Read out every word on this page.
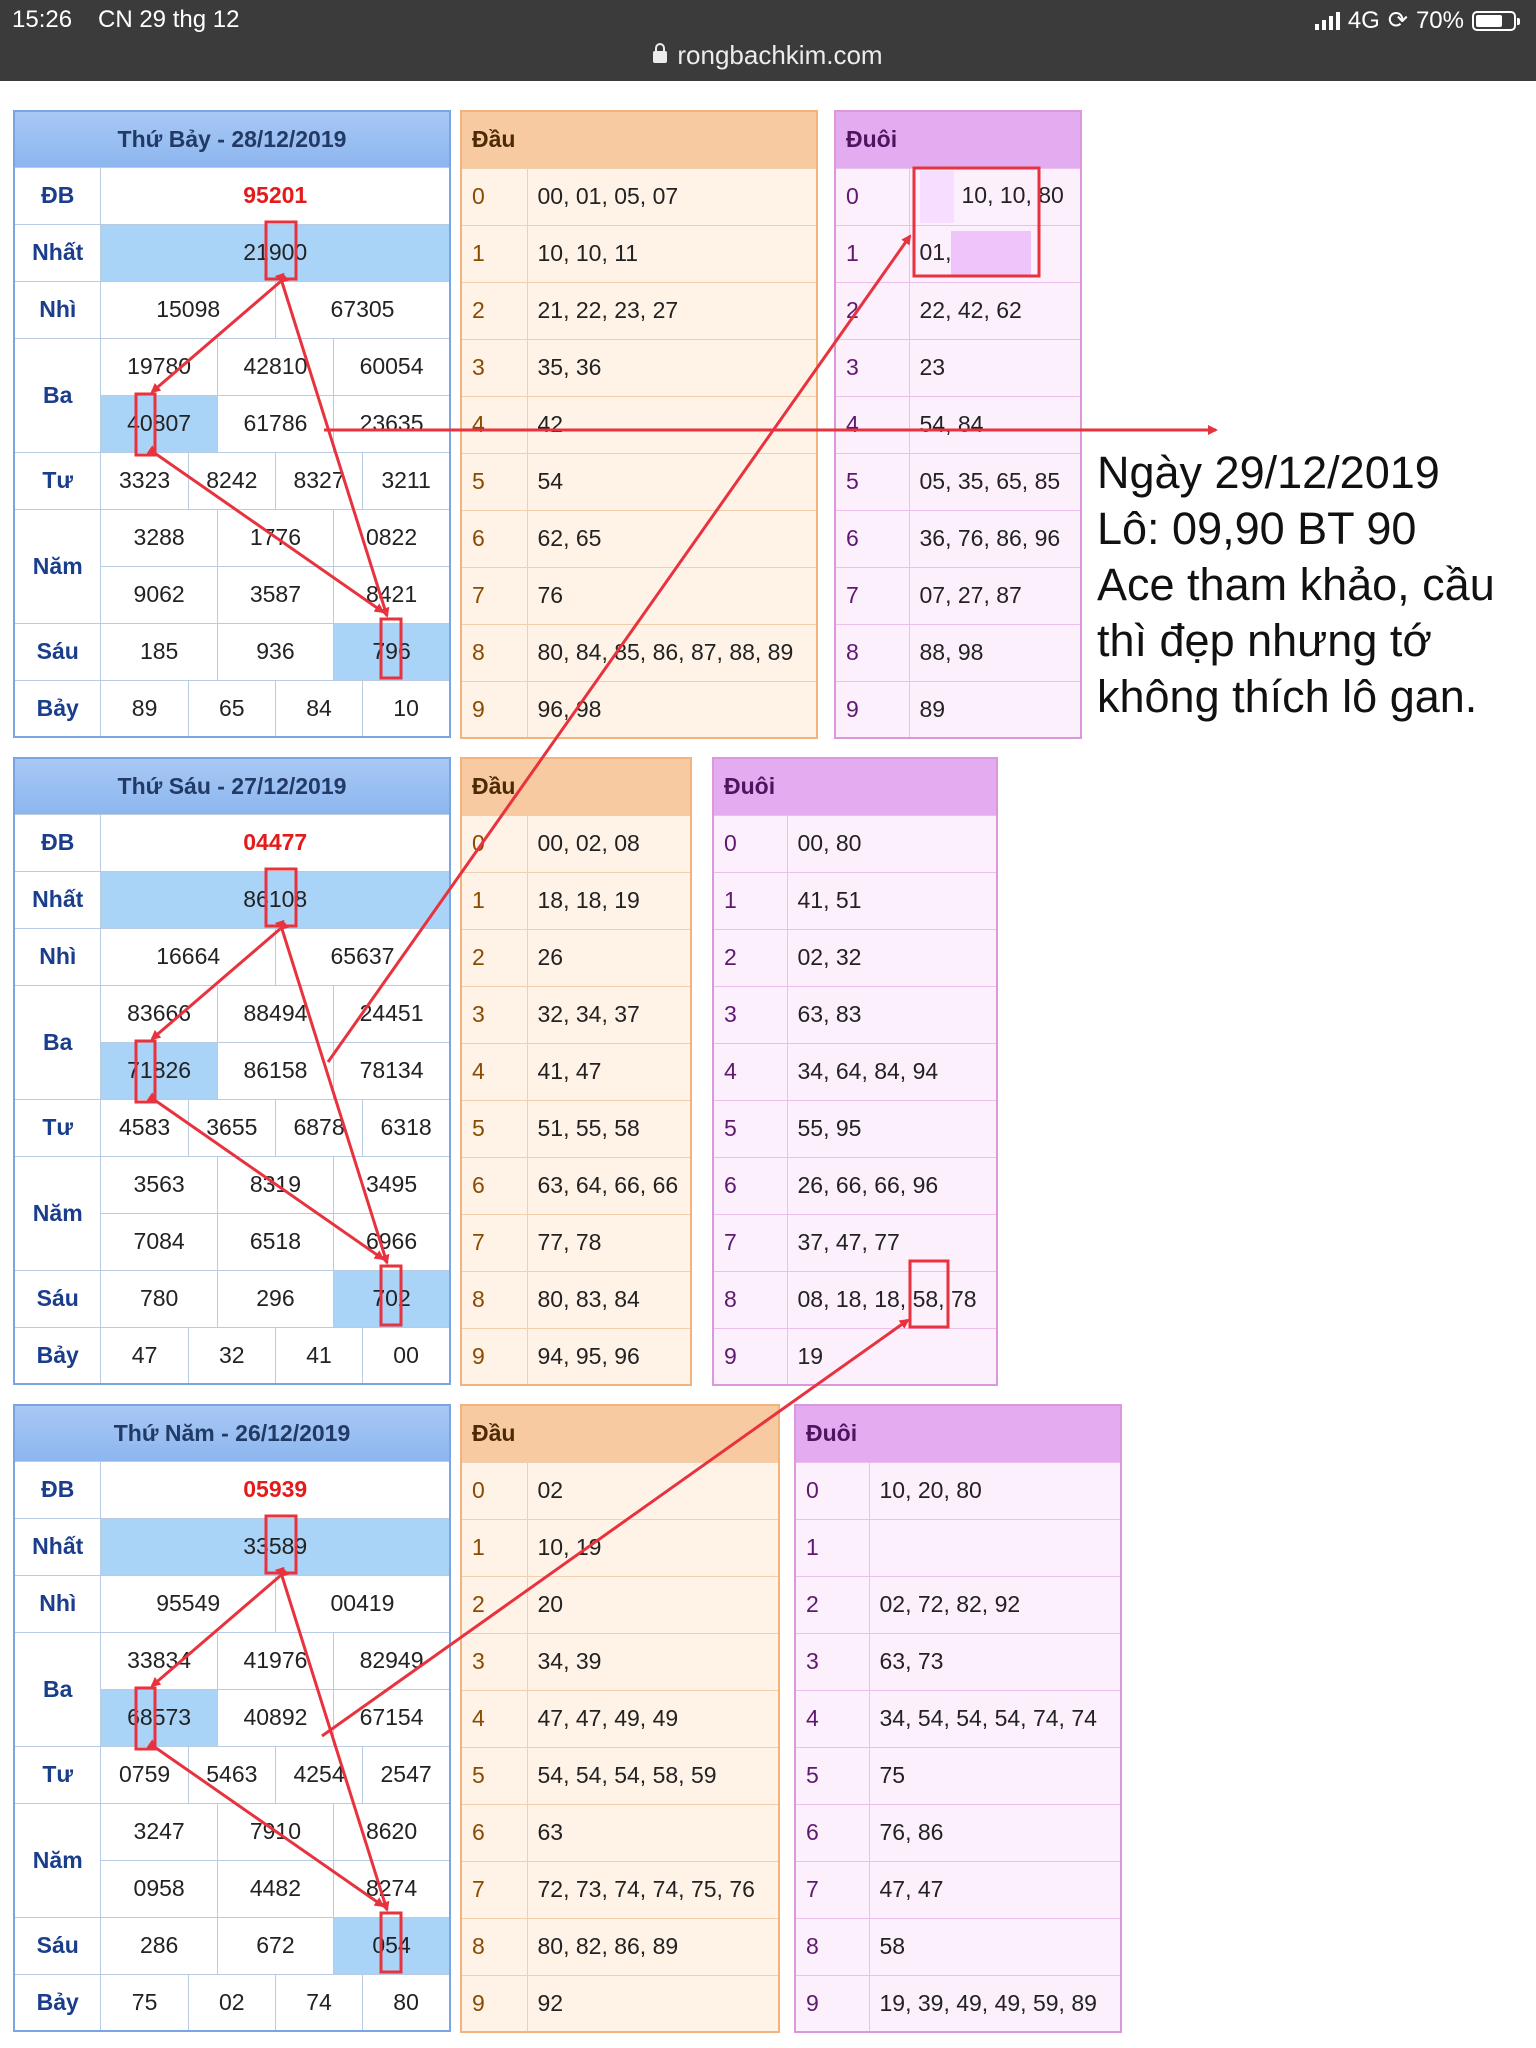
15:26 CN 29 thg 12	4G ⟳ 70%
rongbachkim.com
Thứ Bảy - 28/12/2019						
ĐB	95201					
Nhất	21900					
Nhì	15098			67305		
Ba	19780		42810		60054	
	40807		61786		23635	
Tư	3323	8242		8327		3211
Năm	3288		1776		0822	
	9062		3587		8421	
Sáu	185		936		796	
Bảy	89	65		84		10
Đầu	
0	00, 01, 05, 07
1	10, 10, 11
2	21, 22, 23, 27
3	35, 36
4	42
5	54
6	62, 65
7	76
8	80, 84, 85, 86, 87, 88, 89
9	96, 98
Đuôi	
0	10, 10, 80
1	01,
2	22, 42, 62
3	23
4	54, 84
5	05, 35, 65, 85
6	36, 76, 86, 96
7	07, 27, 87
8	88, 98
9	89
Thứ Sáu - 27/12/2019						
ĐB	04477					
Nhất	86108					
Nhì	16664			65637		
Ba	83666		88494		24451	
	71826		86158		78134	
Tư	4583	3655		6878		6318
Năm	3563		8319		3495	
	7084		6518		6966	
Sáu	780		296		702	
Bảy	47	32		41		00
Đầu	
0	00, 02, 08
1	18, 18, 19
2	26
3	32, 34, 37
4	41, 47
5	51, 55, 58
6	63, 64, 66, 66
7	77, 78
8	80, 83, 84
9	94, 95, 96
Đuôi	
0	00, 80
1	41, 51
2	02, 32
3	63, 83
4	34, 64, 84, 94
5	55, 95
6	26, 66, 66, 96
7	37, 47, 77
8	08, 18, 18, 58, 78
9	19
Thứ Năm - 26/12/2019						
ĐB	05939					
Nhất	33589					
Nhì	95549			00419		
Ba	33834		41976		82949	
	68573		40892		67154	
Tư	0759	5463		4254		2547
Năm	3247		7910		8620	
	0958		4482		8274	
Sáu	286		672		054	
Bảy	75	02		74		80
Đầu	
0	02
1	10, 19
2	20
3	34, 39
4	47, 47, 49, 49
5	54, 54, 54, 58, 59
6	63
7	72, 73, 74, 74, 75, 76
8	80, 82, 86, 89
9	92
Đuôi	
0	10, 20, 80
1	
2	02, 72, 82, 92
3	63, 73
4	34, 54, 54, 54, 74, 74
5	75
6	76, 86
7	47, 47
8	58
9	19, 39, 49, 49, 59, 89
Ngày 29/12/2019
Lô: 09,90 BT 90
Ace tham khảo, cầu
thì đẹp nhưng tớ
không thích lô gan.
